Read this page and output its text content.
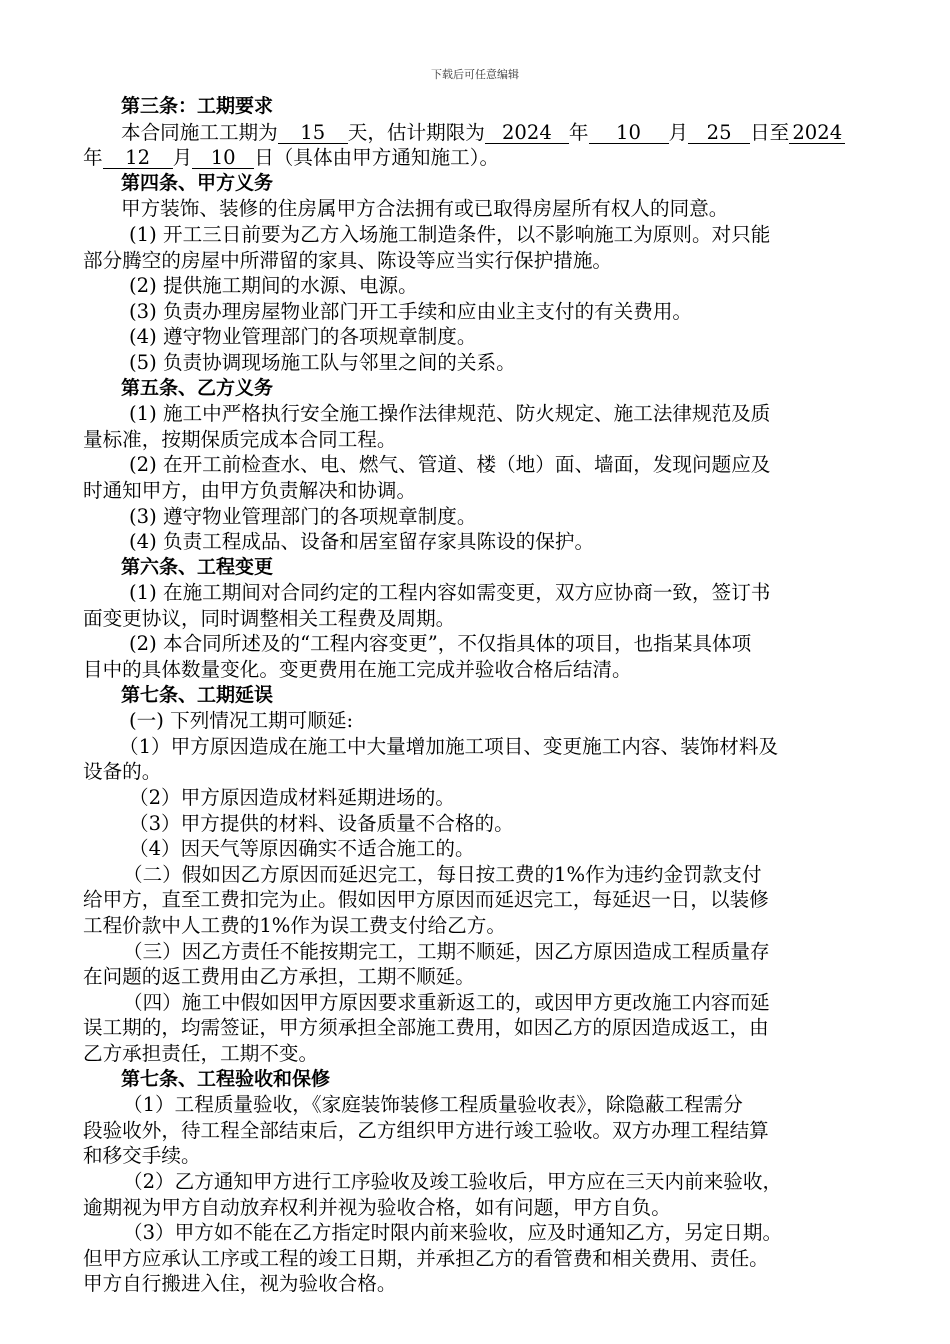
下载后可任意编辑
第三条：工期要求
本合同施工工期为 15 天，估计期限为 2024 年 10 月 25 日至 2024
年 12 月 10 日（具体由甲方通知施工）。
第四条、甲方义务
甲方装饰、装修的住房属甲方合法拥有或已取得房屋所有权人的同意。
(1) 开工三日前要为乙方入场施工制造条件，以不影响施工为原则。对只能
部分腾空的房屋中所滞留的家具、陈设等应当实行保护措施。
(2) 提供施工期间的水源、电源。
(3) 负责办理房屋物业部门开工手续和应由业主支付的有关费用。
(4) 遵守物业管理部门的各项规章制度。
(5) 负责协调现场施工队与邻里之间的关系。
第五条、乙方义务
(1) 施工中严格执行安全施工操作法律规范、防火规定、施工法律规范及质
量标准，按期保质完成本合同工程。
(2) 在开工前检查水、电、燃气、管道、楼（地）面、墙面，发现问题应及
时通知甲方，由甲方负责解决和协调。
(3) 遵守物业管理部门的各项规章制度。
(4) 负责工程成品、设备和居室留存家具陈设的保护。
第六条、工程变更
(1) 在施工期间对合同约定的工程内容如需变更，双方应协商一致，签订书
面变更协议，同时调整相关工程费及周期。
(2) 本合同所述及的“工程内容变更”，不仅指具体的项目，也指某具体项
目中的具体数量变化。变更费用在施工完成并验收合格后结清。
第七条、工期延误
(一) 下列情况工期可顺延:
（1）甲方原因造成在施工中大量增加施工项目、变更施工内容、装饰材料及
设备的。
（2）甲方原因造成材料延期进场的。
（3）甲方提供的材料、设备质量不合格的。
（4）因天气等原因确实不适合施工的。
（二）假如因乙方原因而延迟完工，每日按工费的1%作为违约金罚款支付
给甲方，直至工费扣完为止。假如因甲方原因而延迟完工，每延迟一日，以装修
工程价款中人工费的1%作为误工费支付给乙方。
（三）因乙方责任不能按期完工，工期不顺延，因乙方原因造成工程质量存
在问题的返工费用由乙方承担，工期不顺延。
（四）施工中假如因甲方原因要求重新返工的，或因甲方更改施工内容而延
误工期的，均需签证，甲方须承担全部施工费用，如因乙方的原因造成返工，由
乙方承担责任，工期不变。
第七条、工程验收和保修
（1）工程质量验收，《家庭装饰装修工程质量验收表》，除隐蔽工程需分
段验收外，待工程全部结束后，乙方组织甲方进行竣工验收。双方办理工程结算
和移交手续。
（2）乙方通知甲方进行工序验收及竣工验收后，甲方应在三天内前来验收，
逾期视为甲方自动放弃权利并视为验收合格，如有问题，甲方自负。
（3）甲方如不能在乙方指定时限内前来验收，应及时通知乙方，另定日期。
但甲方应承认工序或工程的竣工日期，并承担乙方的看管费和相关费用、责任。
甲方自行搬进入住，视为验收合格。
